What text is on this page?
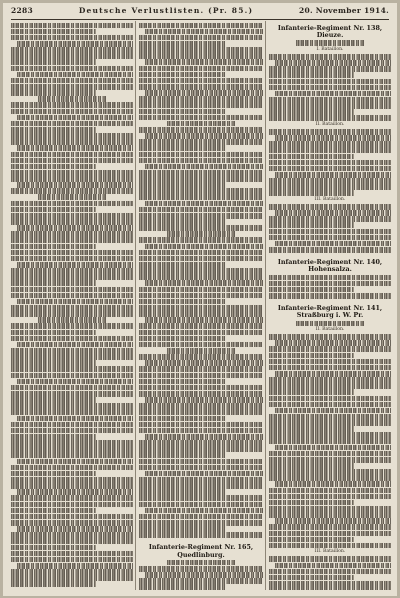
2283	Deutsche Verlustlisten. (Pr. 85.)	20. November 1914.
Infanterie-Regiment Nr. 165, Quedlinburg.
Infanterie-Regiment Nr. 138, Dieuze.
I. Bataillon.
II. Bataillon.
III. Bataillon.
Infanterie-Regiment Nr. 140, Hohensalza.
Infanterie-Regiment Nr. 141, Straßburg i. W. Pr.
II. Bataillon.
III. Bataillon.
